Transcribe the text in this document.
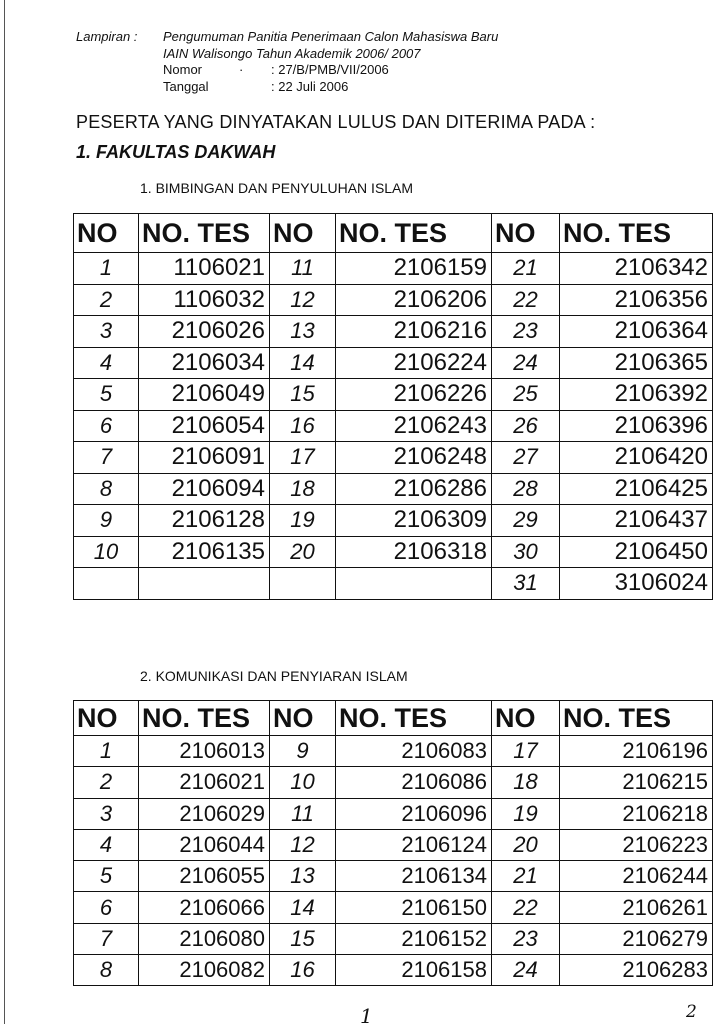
Lampiran : Pengumuman Panitia Penerimaan Calon Mahasiswa Baru
IAIN Walisongo Tahun Akademik 2006/ 2007
Nomor	· : 27/B/PMB/VII/2006
Tanggal	: 22 Juli 2006
PESERTA YANG DINYATAKAN LULUS DAN DITERIMA PADA :
1. FAKULTAS DAKWAH
1. BIMBINGAN DAN PENYULUHAN ISLAM
NO	NO. TES	NO	NO. TES	NO	NO. TES
1	1106021	11	2106159	21	2106342
2	1106032	12	2106206	22	2106356
3	2106026	13	2106216	23	2106364
4	2106034	14	2106224	24	2106365
5	2106049	15	2106226	25	2106392
6	2106054	16	2106243	26	2106396
7	2106091	17	2106248	27	2106420
8	2106094	18	2106286	28	2106425
9	2106128	19	2106309	29	2106437
10	2106135	20	2106318	30	2106450
				31	3106024
2. KOMUNIKASI DAN PENYIARAN ISLAM
NO	NO. TES	NO	NO. TES	NO	NO. TES
1	2106013	9	2106083	17	2106196
2	2106021	10	2106086	18	2106215
3	2106029	11	2106096	19	2106218
4	2106044	12	2106124	20	2106223
5	2106055	13	2106134	21	2106244
6	2106066	14	2106150	22	2106261
7	2106080	15	2106152	23	2106279
8	2106082	16	2106158	24	2106283
1	2
